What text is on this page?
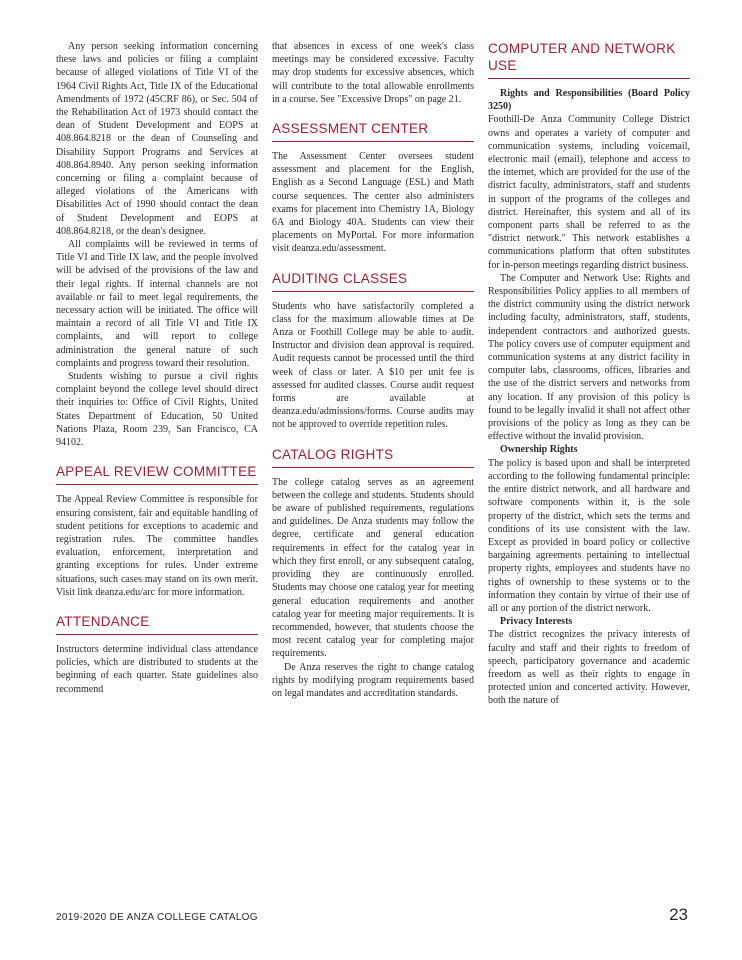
Any person seeking information concerning these laws and policies or filing a complaint because of alleged violations of Title VI of the 1964 Civil Rights Act, Title IX of the Educational Amendments of 1972 (45CRF 86), or Sec. 504 of the Rehabilitation Act of 1973 should contact the dean of Student Development and EOPS at 408.864.8218 or the dean of Counseling and Disability Support Programs and Services at 408.864.8940. Any person seeking information concerning or filing a complaint because of alleged violations of the Americans with Disabilities Act of 1990 should contact the dean of Student Development and EOPS at 408.864.8218, or the dean's designee.

All complaints will be reviewed in terms of Title VI and Title IX law, and the people involved will be advised of the provisions of the law and their legal rights. If internal channels are not available or fail to meet legal requirements, the necessary action will be initiated. The office will maintain a record of all Title VI and Title IX complaints, and will report to college administration the general nature of such complaints and progress toward their resolution.

Students wishing to pursue a civil rights complaint beyond the college level should direct their inquiries to: Office of Civil Rights, United States Department of Education, 50 United Nations Plaza, Room 239, San Francisco, CA 94102.

APPEAL REVIEW COMMITTEE

The Appeal Review Committee is responsible for ensuring consistent, fair and equitable handling of student petitions for exceptions to academic and registration rules. The committee handles evaluation, enforcement, interpretation and granting exceptions for rules. Under extreme situations, such cases may stand on its own merit. Visit link deanza.edu/arc for more information.

ATTENDANCE

Instructors determine individual class attendance policies, which are distributed to students at the beginning of each quarter. State guidelines also recommend

that absences in excess of one week's class meetings may be considered excessive. Faculty may drop students for excessive absences, which will contribute to the total allowable enrollments in a course. See "Excessive Drops" on page 21.

ASSESSMENT CENTER

The Assessment Center oversees student assessment and placement for the English, English as a Second Language (ESL) and Math course sequences. The center also administers exams for placement into Chemistry 1A, Biology 6A and Biology 40A. Students can view their placements on MyPortal. For more information visit deanza.edu/assessment.

AUDITING CLASSES

Students who have satisfactorily completed a class for the maximum allowable times at De Anza or Foothill College may be able to audit. Instructor and division dean approval is required. Audit requests cannot be processed until the third week of class or later. A $10 per unit fee is assessed for audited classes. Course audit request forms are available at deanza.edu/admissions/forms. Course audits may not be approved to override repetition rules.

CATALOG RIGHTS

The college catalog serves as an agreement between the college and students. Students should be aware of published requirements, regulations and guidelines. De Anza students may follow the degree, certificate and general education requirements in effect for the catalog year in which they first enroll, or any subsequent catalog, providing they are continuously enrolled. Students may choose one catalog year for meeting general education requirements and another catalog year for meeting major requirements. It is recommended, however, that students choose the most recent catalog year for completing major requirements.

De Anza reserves the right to change catalog rights by modifying program requirements based on legal mandates and accreditation standards.

COMPUTER AND NETWORK USE

Rights and Responsibilities (Board Policy 3250)

Foothill-De Anza Community College District owns and operates a variety of computer and communication systems, including voicemail, electronic mail (email), telephone and access to the internet, which are provided for the use of the district faculty, administrators, staff and students in support of the programs of the colleges and district. Hereinafter, this system and all of its component parts shall be referred to as the "district network." This network establishes a communications platform that often substitutes for in-person meetings regarding district business.

The Computer and Network Use: Rights and Responsibilities Policy applies to all members of the district community using the district network including faculty, administrators, staff, students, independent contractors and authorized guests. The policy covers use of computer equipment and communication systems at any district facility in computer labs, classrooms, offices, libraries and the use of the district servers and networks from any location. If any provision of this policy is found to be legally invalid it shall not affect other provisions of the policy as long as they can be effective without the invalid provision.

Ownership Rights

The policy is based upon and shall be interpreted according to the following fundamental principle: the entire district network, and all hardware and software components within it, is the sole property of the district, which sets the terms and conditions of its use consistent with the law. Except as provided in board policy or collective bargaining agreements pertaining to intellectual property rights, employees and students have no rights of ownership to these systems or to the information they contain by virtue of their use of all or any portion of the district network.

Privacy Interests

The district recognizes the privacy interests of faculty and staff and their rights to freedom of speech, participatory governance and academic freedom as well as their rights to engage in protected union and concerted activity. However, both the nature of

2019-2020 DE ANZA COLLEGE CATALOG	23
